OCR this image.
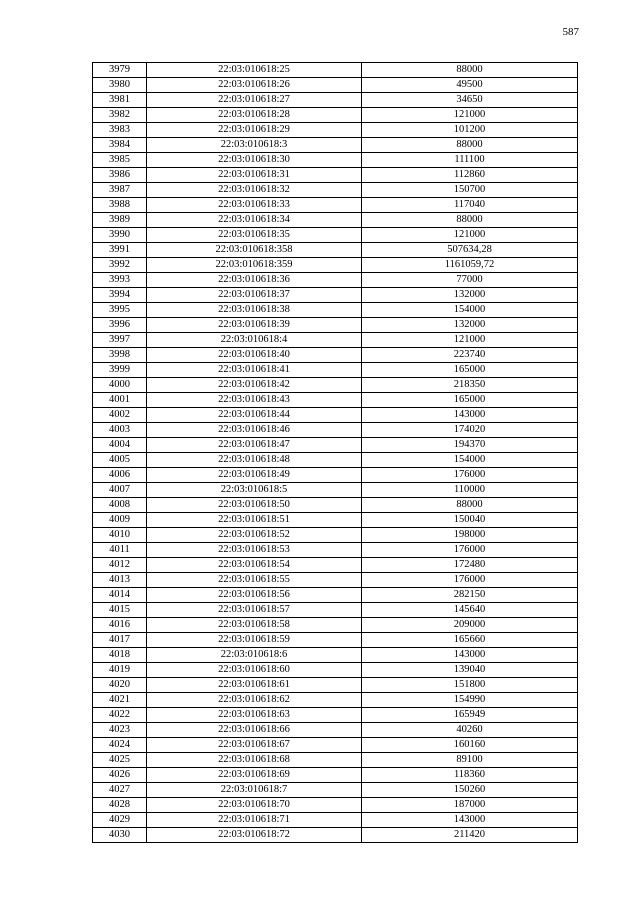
587
3979	22:03:010618:25	88000
3980	22:03:010618:26	49500
3981	22:03:010618:27	34650
3982	22:03:010618:28	121000
3983	22:03:010618:29	101200
3984	22:03:010618:3	88000
3985	22:03:010618:30	111100
3986	22:03:010618:31	112860
3987	22:03:010618:32	150700
3988	22:03:010618:33	117040
3989	22:03:010618:34	88000
3990	22:03:010618:35	121000
3991	22:03:010618:358	507634,28
3992	22:03:010618:359	1161059,72
3993	22:03:010618:36	77000
3994	22:03:010618:37	132000
3995	22:03:010618:38	154000
3996	22:03:010618:39	132000
3997	22:03:010618:4	121000
3998	22:03:010618:40	223740
3999	22:03:010618:41	165000
4000	22:03:010618:42	218350
4001	22:03:010618:43	165000
4002	22:03:010618:44	143000
4003	22:03:010618:46	174020
4004	22:03:010618:47	194370
4005	22:03:010618:48	154000
4006	22:03:010618:49	176000
4007	22:03:010618:5	110000
4008	22:03:010618:50	88000
4009	22:03:010618:51	150040
4010	22:03:010618:52	198000
4011	22:03:010618:53	176000
4012	22:03:010618:54	172480
4013	22:03:010618:55	176000
4014	22:03:010618:56	282150
4015	22:03:010618:57	145640
4016	22:03:010618:58	209000
4017	22:03:010618:59	165660
4018	22:03:010618:6	143000
4019	22:03:010618:60	139040
4020	22:03:010618:61	151800
4021	22:03:010618:62	154990
4022	22:03:010618:63	165949
4023	22:03:010618:66	40260
4024	22:03:010618:67	160160
4025	22:03:010618:68	89100
4026	22:03:010618:69	118360
4027	22:03:010618:7	150260
4028	22:03:010618:70	187000
4029	22:03:010618:71	143000
4030	22:03:010618:72	211420
